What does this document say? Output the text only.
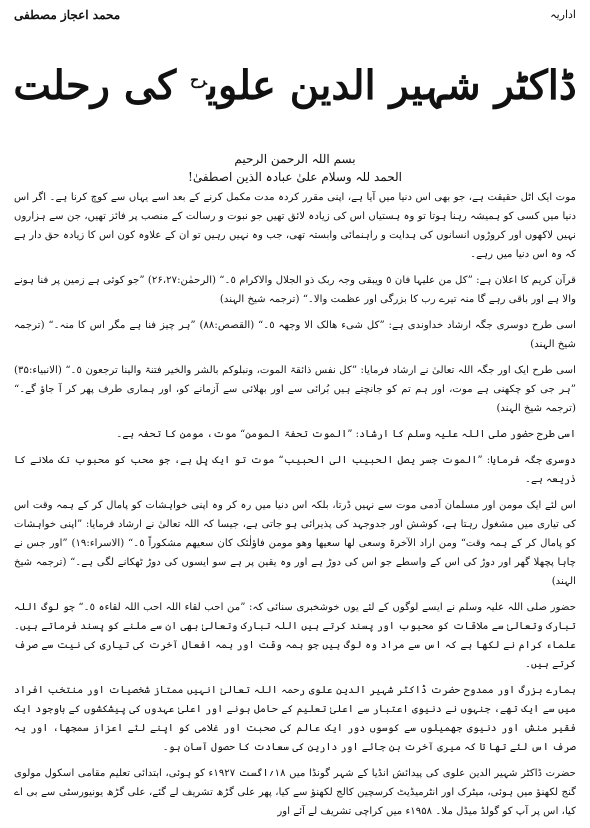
اداریہ
محمد اعجاز مصطفی
ڈاکٹر شہیر الدین علوی$^{رح}$ کی رحلت
بسم اللہ الرحمن الرحیم
الحمد للہ وسلام علیٰ عبادہ الذین اصطفیٰ!

موت ایک اٹل حقیقت ہے، جو بھی اس دنیا میں آیا ہے، اپنی مقرر کردہ مدت مکمل کرنے کے بعد اسے یہاں سے کوچ کرنا ہے۔ اگر اس دنیا میں کسی کو ہمیشہ رہنا ہوتا تو وہ ہستیاں اس کی زیادہ لائق تھیں جو نبوت و رسالت کے منصب پر فائز تھیں، جن سے ہزاروں نہیں لاکھوں اور کروڑوں انسانوں کی ہدایت و راہنمائی وابستہ تھی، جب وہ نہیں رہیں تو ان کے علاوہ کون اس کا زیادہ حق دار ہے کہ وہ اس دنیا میں رہے۔

قرآن کریم کا اعلان ہے: ”کل من علیہا فان ٥ ویبقی وجہ ربک ذو الجلال والاکرام ٥۔“ (الرحمٰن:۲۶،۲۷) ”جو کوئی ہے زمین پر فنا ہونے والا ہے اور باقی رہے گا منہ تیرے رب کا بزرگی اور عظمت والا۔“ (ترجمہ شیخ الہند)

اسی طرح دوسری جگہ ارشاد خداوندی ہے: ”کل شیء ھالک الا وجھہ ٥۔“ (القصص:۸۸) ”ہر چیز فنا ہے مگر اس کا منہ۔“ (ترجمہ شیخ الہند)

اسی طرح ایک اور جگہ اللہ تعالیٰ نے ارشاد فرمایا: ”کل نفس ذائقۃ الموت، ونبلوکم بالشر والخیر فتنۃ والینا ترجعون ٥۔“ (الانبیاء:۳۵) ”ہر جی کو چکھنی ہے موت، اور ہم تم کو جانچتے ہیں بُرائی سے اور بھلائی سے آزمانے کو، اور ہماری طرف پھر کر آ جاؤ گے۔“ (ترجمہ شیخ الہند)

اسی طرح حضور صلی اللہ علیہ وسلم کا ارشاد: ”الموت تحفۃ المومن“ موت، مومن کا تحفہ ہے۔

دوسری جگہ فرمایا: ”الموت جسر یصل الحبیب الی الحبیب“ موت تو ایک پل ہے، جو محب کو محبوب تک ملانے کا ذریعہ ہے۔

اس لئے ایک مومن اور مسلمان آدمی موت سے نہیں ڈرتا، بلکہ اس دنیا میں رہ کر وہ اپنی خواہشات کو پامال کر کے ہمہ وقت اس کی تیاری میں مشغول رہتا ہے، کوشش اور جدوجہد کی پذیرائی ہو جاتی ہے، جیسا کہ اللہ تعالیٰ نے ارشاد فرمایا: ”اپنی خواہشات کو پامال کر کے ہمہ وقت“ ومن اراد الآخرۃ وسعی لھا سعیھا وھو مومن فاؤلٰئک کان سعیھم مشکوراً ٥۔“ (الاسراء:۱۹) ”اور جس نے چاہا پچھلا گھر اور دوڑ کی اس کے واسطے جو اس کی دوڑ ہے اور وہ یقین پر ہے سو ایسوں کی دوڑ ٹھکانے لگی ہے۔“ (ترجمہ شیخ الہند)

حضور صلی اللہ علیہ وسلم نے ایسے لوگوں کے لئے یوں خوشخبری سنائی کہ: ”من احب لقاء اللہ احب اللہ لقاءہ ٥۔“ جو لوگ اللہ تبارک وتعالیٰ سے ملاقات کو محبوب اور پسند کرتے ہیں اللہ تبارک وتعالیٰ بھی ان سے ملنے کو پسند فرماتے ہیں۔ علماء کرام نے لکھا ہے کہ اس سے مراد وہ لوگ ہیں جو ہمہ وقت اور ہمہ افعال آخرت کی تیاری کی نیت سے صرف کرتے ہیں۔

ہمارے بزرگ اور ممدوح حضرت ڈاکٹر شہیر الدین علوی رحمہ اللہ تعالیٰ انہیں ممتاز شخصیات اور منتخب افراد میں سے ایک تھے، جنہوں نے دنیوی اعتبار سے اعلیٰ تعلیم کے حامل ہونے اور اعلیٰ عہدوں کی پیشکشوں کے باوجود ایک فقیر منش اور دنیوی جھمیلوں سے کوسوں دور ایک عالم کی صحبت اور غلامی کو اپنے لئے اعزاز سمجھا، اور یہ صرف اس لئے تھا تا کہ میری آخرت بن جائے اور دارین کی سعادت کا حصول آسان ہو۔

حضرت ڈاکٹر شہیر الدین علوی کی پیدائش انڈیا کے شہر گونڈا میں ۱۸؍اگست ۱۹۲۷ء کو ہوئی، ابتدائی تعلیم مقامی اسکول مولوی گنج لکھنؤ میں ہوئی، میٹرک اور انٹرمیڈیٹ کرسچین کالج لکھنؤ سے کیا، پھر علی گڑھ تشریف لے گئے، علی گڑھ یونیورسٹی سے بی اے کیا، اس پر آپ کو گولڈ میڈل ملا۔ ۱۹۵۸ء میں کراچی تشریف لے آئے اور
